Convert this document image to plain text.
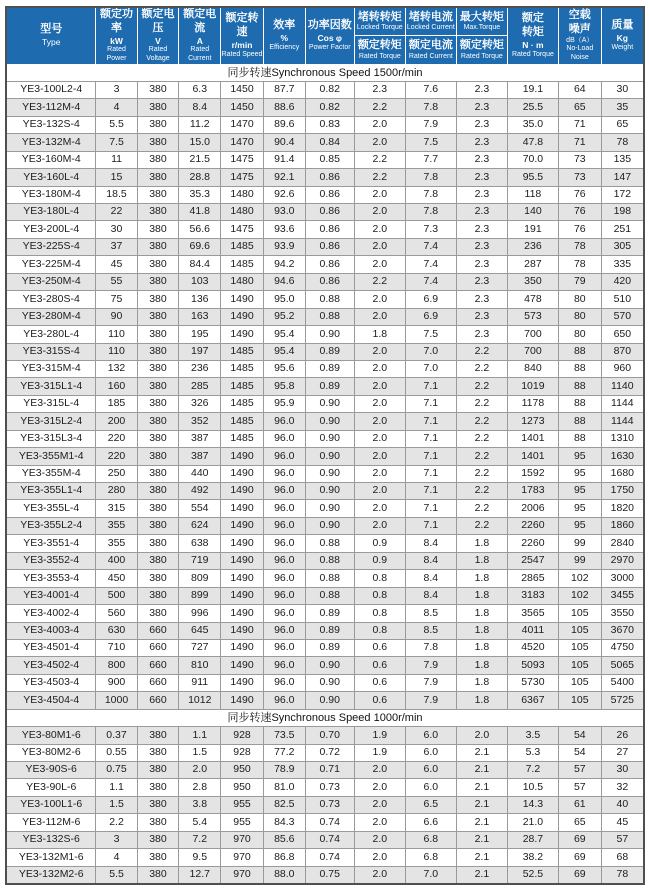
型号
Type

额定功率
kW
Rated Power

额定电压
V
Rated Voltage

额定电流
A
Rated Current

额定转速
r/min
Rated Speed

效率
%
Efficiency

功率因数
Cos φ
Power Factor

堵转转矩
Locked Torque
额定转矩
Rated Torque

堵转电流
Locked Current
额定电流
Rated Current

最大转矩
Max.Torque
额定转矩
Rated Torque

额定
转矩
N · m
Rated Torque

空载
噪声
dB（A）
No-Load
Noise

质量
Kg
Weight

同步转速Synchronous Speed 1500r/min												
YE3-100L2-4	3	380	6.3	1450	87.7	0.82	2.3	7.6	2.3	19.1	64	30
YE3-112M-4	4	380	8.4	1450	88.6	0.82	2.2	7.8	2.3	25.5	65	35
YE3-132S-4	5.5	380	11.2	1470	89.6	0.83	2.0	7.9	2.3	35.0	71	65
YE3-132M-4	7.5	380	15.0	1470	90.4	0.84	2.0	7.5	2.3	47.8	71	78
YE3-160M-4	11	380	21.5	1475	91.4	0.85	2.2	7.7	2.3	70.0	73	135
YE3-160L-4	15	380	28.8	1475	92.1	0.86	2.2	7.8	2.3	95.5	73	147
YE3-180M-4	18.5	380	35.3	1480	92.6	0.86	2.0	7.8	2.3	118	76	172
YE3-180L-4	22	380	41.8	1480	93.0	0.86	2.0	7.8	2.3	140	76	198
YE3-200L-4	30	380	56.6	1475	93.6	0.86	2.0	7.3	2.3	191	76	251
YE3-225S-4	37	380	69.6	1485	93.9	0.86	2.0	7.4	2.3	236	78	305
YE3-225M-4	45	380	84.4	1485	94.2	0.86	2.0	7.4	2.3	287	78	335
YE3-250M-4	55	380	103	1480	94.6	0.86	2.2	7.4	2.3	350	79	420
YE3-280S-4	75	380	136	1490	95.0	0.88	2.0	6.9	2.3	478	80	510
YE3-280M-4	90	380	163	1490	95.2	0.88	2.0	6.9	2.3	573	80	570
YE3-280L-4	110	380	195	1490	95.4	0.90	1.8	7.5	2.3	700	80	650
YE3-315S-4	110	380	197	1485	95.4	0.89	2.0	7.0	2.2	700	88	870
YE3-315M-4	132	380	236	1485	95.6	0.89	2.0	7.0	2.2	840	88	960
YE3-315L1-4	160	380	285	1485	95.8	0.89	2.0	7.1	2.2	1019	88	1140
YE3-315L-4	185	380	326	1485	95.9	0.90	2.0	7.1	2.2	1178	88	1144
YE3-315L2-4	200	380	352	1485	96.0	0.90	2.0	7.1	2.2	1273	88	1144
YE3-315L3-4	220	380	387	1485	96.0	0.90	2.0	7.1	2.2	1401	88	1310
YE3-355M1-4	220	380	387	1490	96.0	0.90	2.0	7.1	2.2	1401	95	1630
YE3-355M-4	250	380	440	1490	96.0	0.90	2.0	7.1	2.2	1592	95	1680
YE3-355L1-4	280	380	492	1490	96.0	0.90	2.0	7.1	2.2	1783	95	1750
YE3-355L-4	315	380	554	1490	96.0	0.90	2.0	7.1	2.2	2006	95	1820
YE3-355L2-4	355	380	624	1490	96.0	0.90	2.0	7.1	2.2	2260	95	1860
YE3-3551-4	355	380	638	1490	96.0	0.88	0.9	8.4	1.8	2260	99	2840
YE3-3552-4	400	380	719	1490	96.0	0.88	0.9	8.4	1.8	2547	99	2970
YE3-3553-4	450	380	809	1490	96.0	0.88	0.8	8.4	1.8	2865	102	3000
YE3-4001-4	500	380	899	1490	96.0	0.88	0.8	8.4	1.8	3183	102	3455
YE3-4002-4	560	380	996	1490	96.0	0.89	0.8	8.5	1.8	3565	105	3550
YE3-4003-4	630	660	645	1490	96.0	0.89	0.8	8.5	1.8	4011	105	3670
YE3-4501-4	710	660	727	1490	96.0	0.89	0.6	7.8	1.8	4520	105	4750
YE3-4502-4	800	660	810	1490	96.0	0.90	0.6	7.9	1.8	5093	105	5065
YE3-4503-4	900	660	911	1490	96.0	0.90	0.6	7.9	1.8	5730	105	5400
YE3-4504-4	1000	660	1012	1490	96.0	0.90	0.6	7.9	1.8	6367	105	5725
同步转速Synchronous Speed 1000r/min												
YE3-80M1-6	0.37	380	1.1	928	73.5	0.70	1.9	6.0	2.0	3.5	54	26
YE3-80M2-6	0.55	380	1.5	928	77.2	0.72	1.9	6.0	2.1	5.3	54	27
YE3-90S-6	0.75	380	2.0	950	78.9	0.71	2.0	6.0	2.1	7.2	57	30
YE3-90L-6	1.1	380	2.8	950	81.0	0.73	2.0	6.0	2.1	10.5	57	32
YE3-100L1-6	1.5	380	3.8	955	82.5	0.73	2.0	6.5	2.1	14.3	61	40
YE3-112M-6	2.2	380	5.4	955	84.3	0.74	2.0	6.6	2.1	21.0	65	45
YE3-132S-6	3	380	7.2	970	85.6	0.74	2.0	6.8	2.1	28.7	69	57
YE3-132M1-6	4	380	9.5	970	86.8	0.74	2.0	6.8	2.1	38.2	69	68
YE3-132M2-6	5.5	380	12.7	970	88.0	0.75	2.0	7.0	2.1	52.5	69	78
